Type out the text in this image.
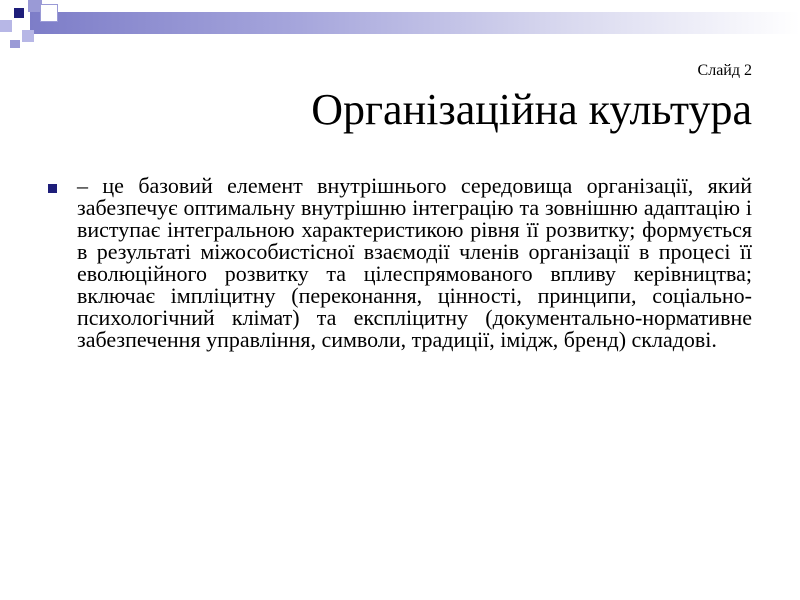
Слайд 2
Організаційна культура
– це базовий елемент внутрішнього середовища організації, який забезпечує оптимальну внутрішню інтеграцію та зовнішню адаптацію і виступає інтегральною характеристикою рівня її розвитку; формується в результаті міжособистісної взаємодії членів організації в процесі її еволюційного розвитку та цілеспрямованого впливу керівництва; включає імпліцитну (переконання, цінності, принципи, соціально-психологічний клімат) та експліцитну (документально-нормативне забезпечення управління, символи, традиції, імідж, бренд) складові.
